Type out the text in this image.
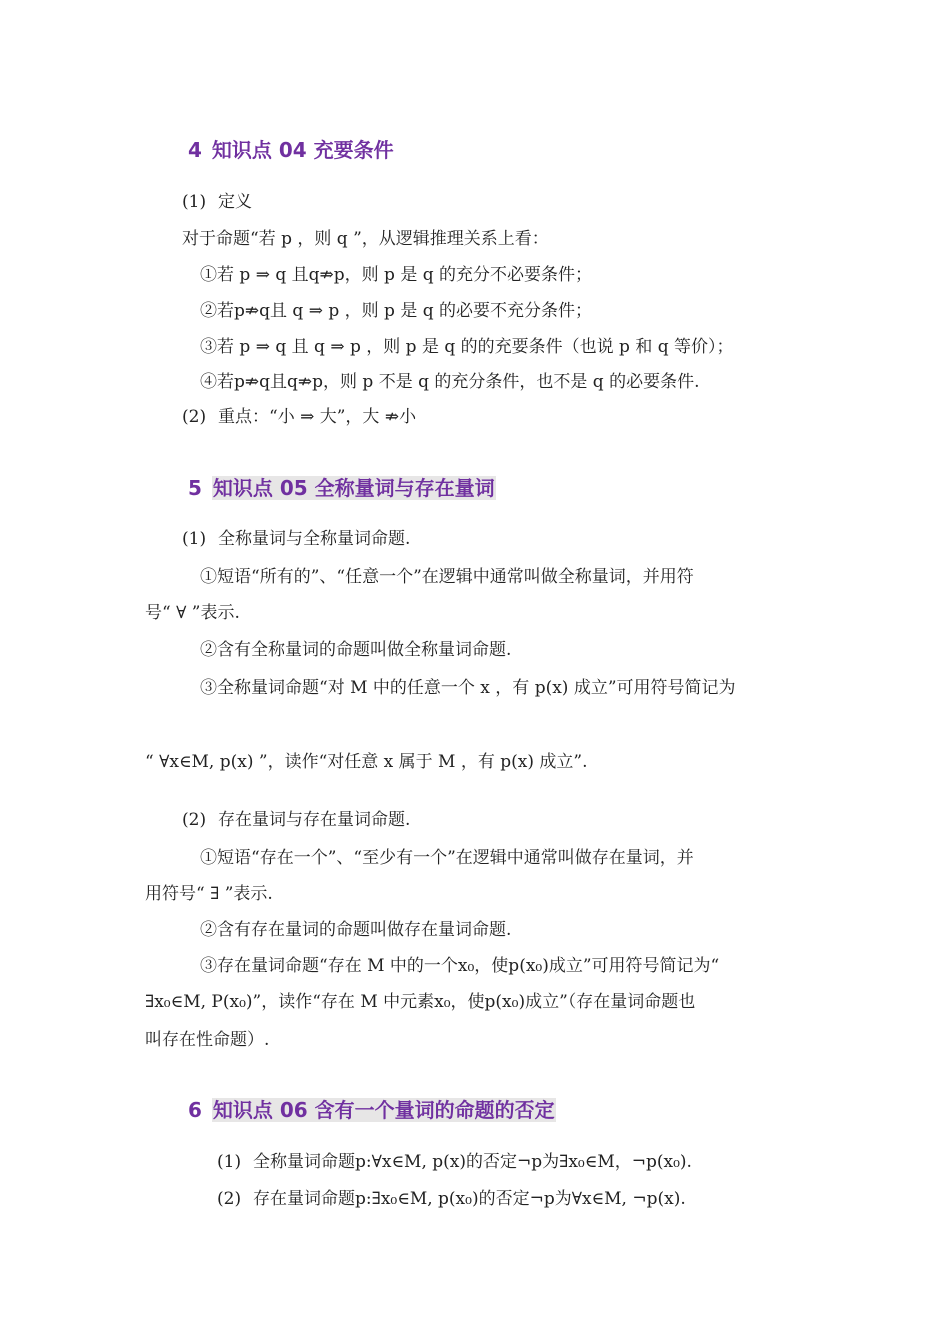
4 知识点 04 充要条件
(1) 定义
对于命题“若 p ，则 q ”，从逻辑推理关系上看：
①若 p ⇒ q 且q⇏p，则 p 是 q 的充分不必要条件；
②若p⇏q且 q ⇒ p ，则 p 是 q 的必要不充分条件；
③若 p ⇒ q 且 q ⇒ p ，则 p 是 q 的的充要条件（也说 p 和 q 等价）；
④若p⇏q且q⇏p，则 p 不是 q 的充分条件，也不是 q 的必要条件.
(2) 重点：“小 ⇒ 大”，大 ⇏小
5 知识点 05 全称量词与存在量词
(1) 全称量词与全称量词命题.
①短语“所有的”、“任意一个”在逻辑中通常叫做全称量词，并用符
号“ ∀ ”表示.
②含有全称量词的命题叫做全称量词命题.
③全称量词命题“对 M 中的任意一个 x ，有 p(x) 成立”可用符号简记为
“ ∀x∈M, p(x) ”，读作“对任意 x 属于 M ，有 p(x) 成立”.
(2) 存在量词与存在量词命题.
①短语“存在一个”、“至少有一个”在逻辑中通常叫做存在量词，并
用符号“ ∃ ”表示.
②含有存在量词的命题叫做存在量词命题.
③存在量词命题“存在 M 中的一个x₀，使p(x₀)成立”可用符号简记为“
∃x₀∈M, P(x₀)”，读作“存在 M 中元素x₀，使p(x₀)成立”（存在量词命题也
叫存在性命题）.
6 知识点 06 含有一个量词的命题的否定
(1) 全称量词命题p:∀x∈M, p(x)的否定¬p为∃x₀∈M，¬p(x₀).
(2) 存在量词命题p:∃x₀∈M, p(x₀)的否定¬p为∀x∈M, ¬p(x).
